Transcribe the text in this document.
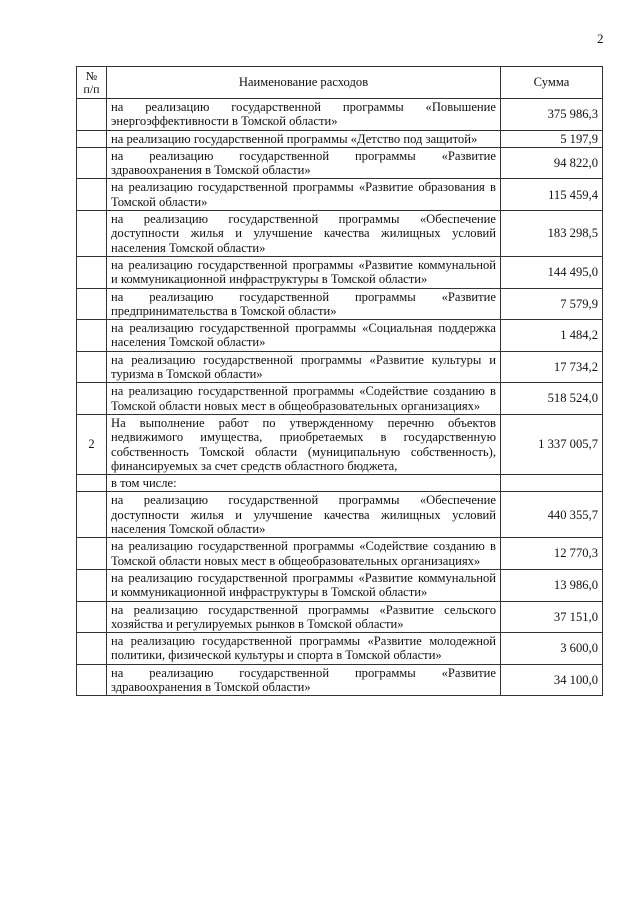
2
№ п/п	Наименование расходов	Сумма
	на реализацию государственной программы «Повышение энергоэффективности в Томской области»	375 986,3
	на реализацию государственной программы «Детство под защитой»	5 197,9
	на реализацию государственной программы «Развитие здравоохранения в Томской области»	94 822,0
	на реализацию государственной программы «Развитие образования в Томской области»	115 459,4
	на реализацию государственной программы «Обеспечение доступности жилья и улучшение качества жилищных условий населения Томской области»	183 298,5
	на реализацию государственной программы «Развитие коммунальной и коммуникационной инфраструктуры в Томской области»	144 495,0
	на реализацию государственной программы «Развитие предпринимательства в Томской области»	7 579,9
	на реализацию государственной программы «Социальная поддержка населения Томской области»	1 484,2
	на реализацию государственной программы «Развитие культуры и туризма в Томской области»	17 734,2
	на реализацию государственной программы «Содействие созданию в Томской области новых мест в общеобразовательных организациях»	518 524,0
2	На выполнение работ по утвержденному перечню объектов недвижимого имущества, приобретаемых в государственную собственность Томской области (муниципальную собственность), финансируемых за счет средств областного бюджета,	1 337 005,7
	в том числе:	
	на реализацию государственной программы «Обеспечение доступности жилья и улучшение качества жилищных условий населения Томской области»	440 355,7
	на реализацию государственной программы «Содействие созданию в Томской области новых мест в общеобразовательных организациях»	12 770,3
	на реализацию государственной программы «Развитие коммунальной и коммуникационной инфраструктуры в Томской области»	13 986,0
	на реализацию государственной программы «Развитие сельского хозяйства и регулируемых рынков в Томской области»	37 151,0
	на реализацию государственной программы «Развитие молодежной политики, физической культуры и спорта в Томской области»	3 600,0
	на реализацию государственной программы «Развитие здравоохранения в Томской области»	34 100,0
